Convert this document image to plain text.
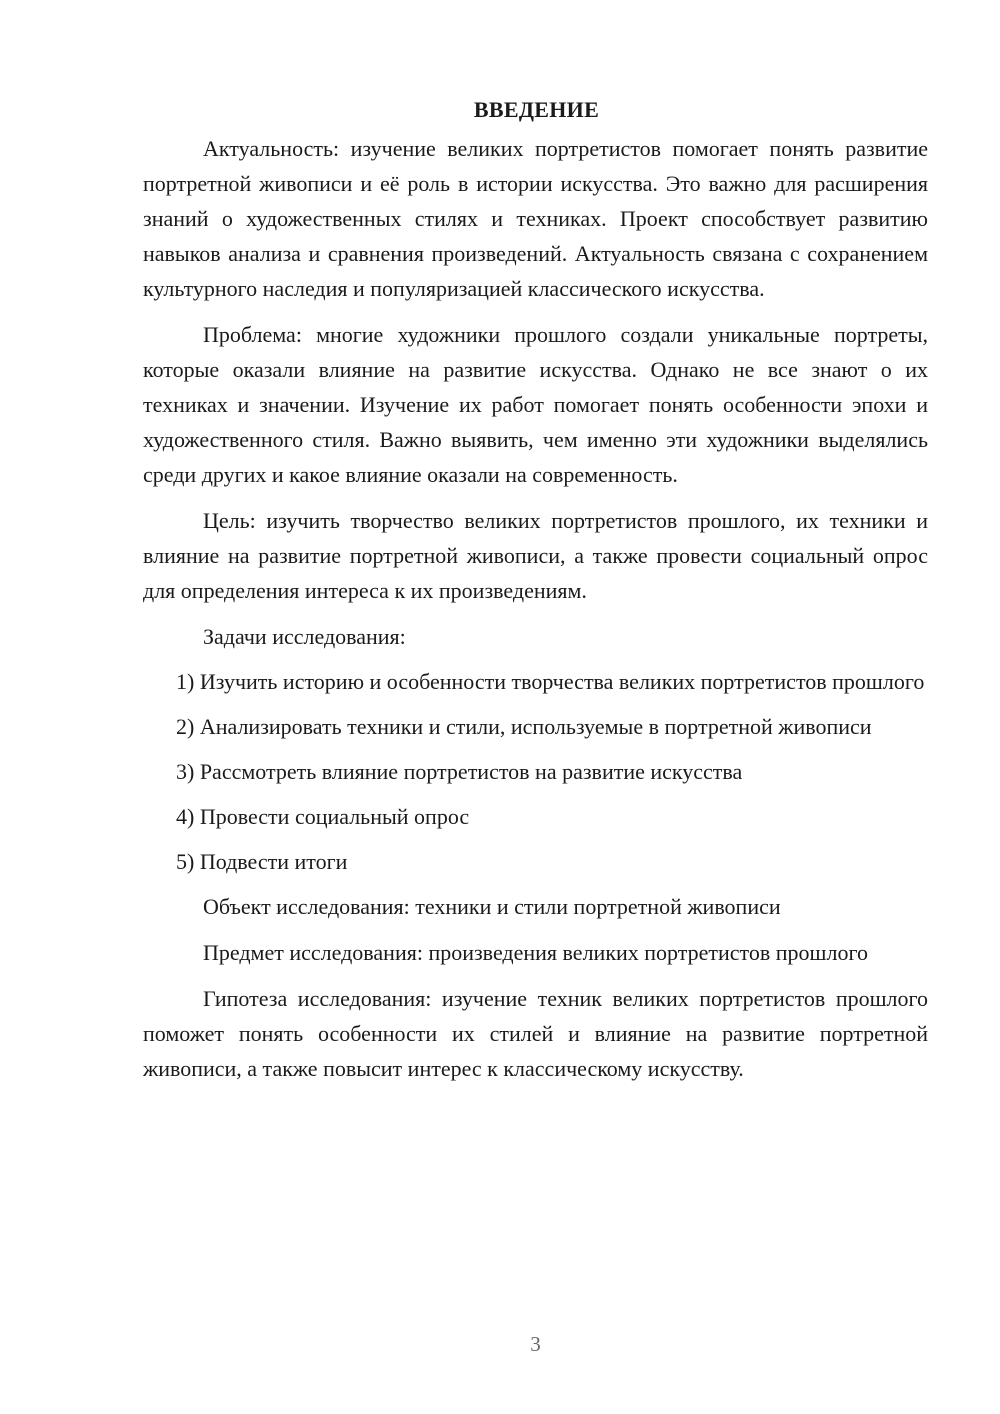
ВВЕДЕНИЕ

Актуальность: изучение великих портретистов помогает понять развитие портретной живописи и её роль в истории искусства. Это важно для расширения знаний о художественных стилях и техниках. Проект способствует развитию навыков анализа и сравнения произведений. Актуальность связана с сохранением культурного наследия и популяризацией классического искусства.

Проблема: многие художники прошлого создали уникальные портреты, которые оказали влияние на развитие искусства. Однако не все знают о их техниках и значении. Изучение их работ помогает понять особенности эпохи и художественного стиля. Важно выявить, чем именно эти художники выделялись среди других и какое влияние оказали на современность.

Цель: изучить творчество великих портретистов прошлого, их техники и влияние на развитие портретной живописи, а также провести социальный опрос для определения интереса к их произведениям.

Задачи исследования:

1) Изучить историю и особенности творчества великих портретистов прошлого

2) Анализировать техники и стили, используемые в портретной живописи

3) Рассмотреть влияние портретистов на развитие искусства

4) Провести социальный опрос

5) Подвести итоги

Объект исследования: техники и стили портретной живописи

Предмет исследования: произведения великих портретистов прошлого

Гипотеза исследования: изучение техник великих портретистов прошлого поможет понять особенности их стилей и влияние на развитие портретной живописи, а также повысит интерес к классическому искусству.

3
